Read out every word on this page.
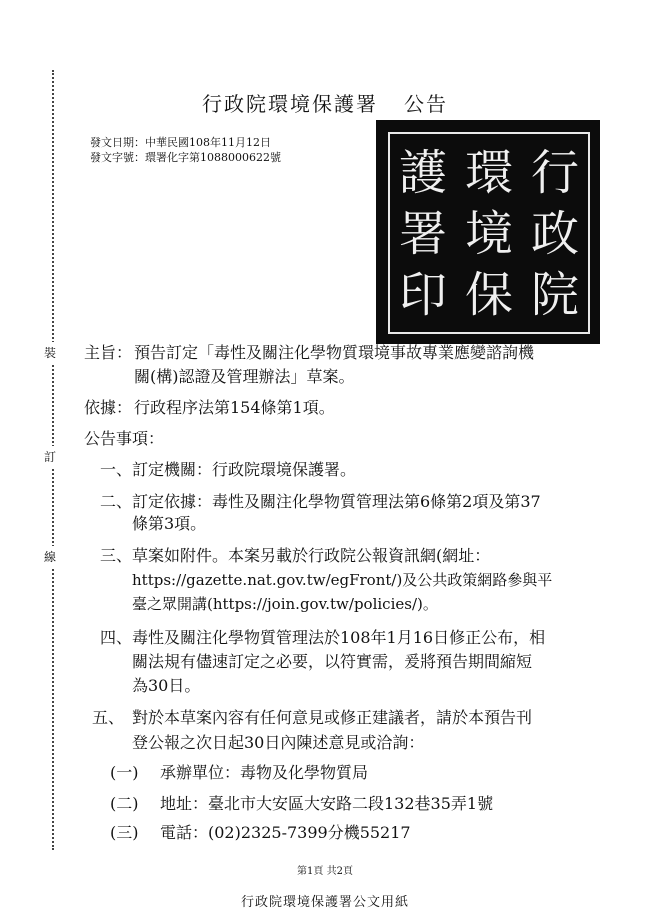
裝
訂
線
行政院環境保護署 公告
發文日期：中華民國108年11月12日
發文字號：環署化字第1088000622號	行
政
院
環
境
保
護
署
印
主旨： 預告訂定「毒性及關注化學物質環境事故專業應變諮詢機
關(構)認證及管理辦法」草案。
依據： 行政程序法第154條第1項。
公告事項：
一、 訂定機關：行政院環境保護署。
二、 訂定依據：毒性及關注化學物質管理法第6條第2項及第37
條第3項。
三、 草案如附件。本案另載於行政院公報資訊網(網址：
https://gazette.nat.gov.tw/egFront/)及公共政策網路參與平
臺之眾開講(https://join.gov.tw/policies/)。
四、 毒性及關注化學物質管理法於108年1月16日修正公布，相
關法規有儘速訂定之必要，以符實需，爰將預告期間縮短
為30日。
五、 對於本草案內容有任何意見或修正建議者，請於本預告刊
登公報之次日起30日內陳述意見或洽詢：
(一) 承辦單位：毒物及化學物質局
(二) 地址：臺北市大安區大安路二段132巷35弄1號
(三) 電話：(02)2325-7399分機55217
第1頁 共2頁
行政院環境保護署公文用紙
